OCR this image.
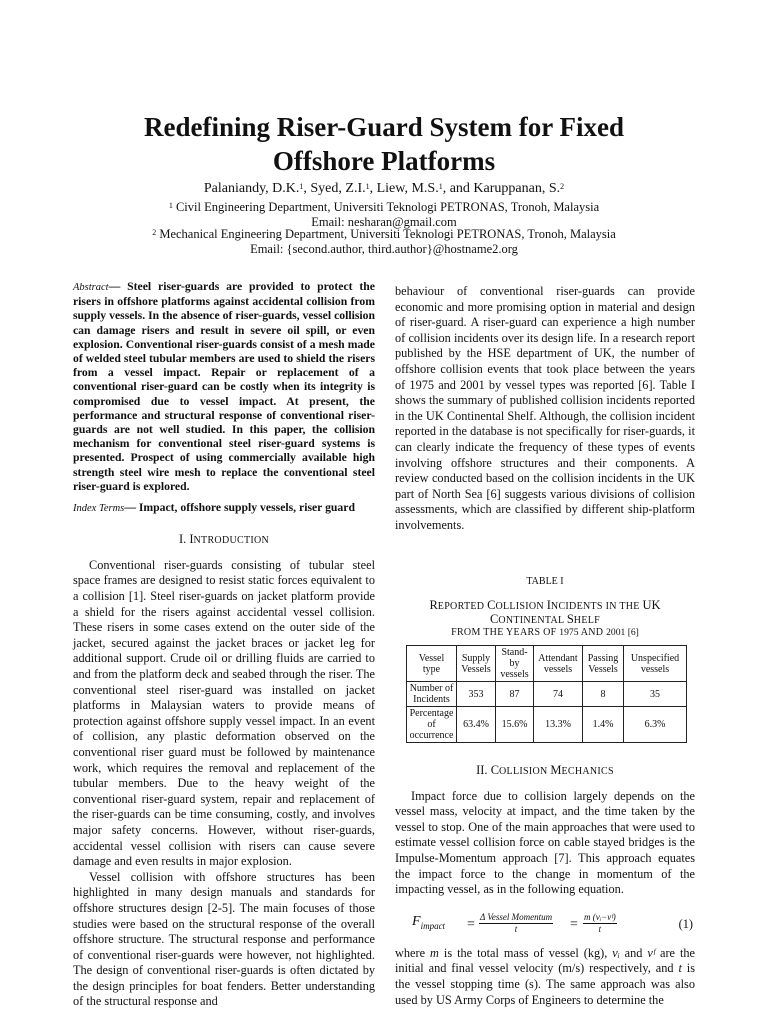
Redefining Riser-Guard System for Fixed
Offshore Platforms
Palaniandy, D.K.$^1$, Syed, Z.I.$^1$, Liew, M.S.$^1$, and Karuppanan, S.$^2$
$^1$ Civil Engineering Department, Universiti Teknologi PETRONAS, Tronoh, Malaysia
Email: nesharan@gmail.com
$^2$ Mechanical Engineering Department, Universiti Teknologi PETRONAS, Tronoh, Malaysia
Email: {second.author, third.author}@hostname2.org

Abstract— Steel riser-guards are provided to protect the risers in offshore platforms against accidental collision from supply vessels. In the absence of riser-guards, vessel collision can damage risers and result in severe oil spill, or even explosion. Conventional riser-guards consist of a mesh made of welded steel tubular members are used to shield the risers from a vessel impact. Repair or replacement of a conventional riser-guard can be costly when its integrity is compromised due to vessel impact. At present, the performance and structural response of conventional riser-guards are not well studied. In this paper, the collision mechanism for conventional steel riser-guard systems is presented. Prospect of using commercially available high strength steel wire mesh to replace the conventional steel riser-guard is explored.

Index Terms— Impact, offshore supply vessels, riser guard

I. INTRODUCTION

Conventional riser-guards consisting of tubular steel space frames are designed to resist static forces equivalent to a collision [1]. Steel riser-guards on jacket platform provide a shield for the risers against accidental vessel collision. These risers in some cases extend on the outer side of the jacket, secured against the jacket braces or jacket leg for additional support. Crude oil or drilling fluids are carried to and from the platform deck and seabed through the riser. The conventional steel riser-guard was installed on jacket platforms in Malaysian waters to provide means of protection against offshore supply vessel impact. In an event of collision, any plastic deformation observed on the conventional riser guard must be followed by maintenance work, which requires the removal and replacement of the tubular members. Due to the heavy weight of the conventional riser-guard system, repair and replacement of the riser-guards can be time consuming, costly, and involves major safety concerns. However, without riser-guards, accidental vessel collision with risers can cause severe damage and even results in major explosion.

Vessel collision with offshore structures has been highlighted in many design manuals and standards for offshore structures design [2-5]. The main focuses of those studies were based on the structural response of the overall offshore structure. The structural response and performance of conventional riser-guards were however, not highlighted. The design of conventional riser-guards is often dictated by the design principles for boat fenders. Better understanding of the structural response and

behaviour of conventional riser-guards can provide economic and more promising option in material and design of riser-guard. A riser-guard can experience a high number of collision incidents over its design life. In a research report published by the HSE department of UK, the number of offshore collision events that took place between the years of 1975 and 2001 by vessel types was reported [6]. Table I shows the summary of published collision incidents reported in the UK Continental Shelf. Although, the collision incident reported in the database is not specifically for riser-guards, it can clearly indicate the frequency of these types of events involving offshore structures and their components. A review conducted based on the collision incidents in the UK part of North Sea [6] suggests various divisions of collision assessments, which are classified by different ship-platform involvements.

TABLE I
REPORTED COLLISION INCIDENTS IN THE UK CONTINENTAL SHELF
FROM THE YEARS OF 1975 AND 2001 [6]
Vessel type	Supply Vessels	Stand-by vessels	Attendant vessels	Passing Vessels	Unspecified vessels
Number of Incidents	353	87	74	8	35
Percentage of occurrence	63.4%	15.6%	13.3%	1.4%	6.3%
II. COLLISION MECHANICS

Impact force due to collision largely depends on the vessel mass, velocity at impact, and the time taken by the vessel to stop. One of the main approaches that were used to estimate vessel collision force on cable stayed bridges is the Impulse-Momentum approach [7]. This approach equates the impact force to the change in momentum of the impacting vessel, as in the following equation.

$F_{impact} = \Delta$ Vessel Momentum
t	= $\frac{\text{m (vᵢ−vᶠ)}}{t}$	(1)

where m is the total mass of vessel (kg), vᵢ and vᶠ are the initial and final vessel velocity (m/s) respectively, and t is the vessel stopping time (s). The same approach was also used by US Army Corps of Engineers to determine the
